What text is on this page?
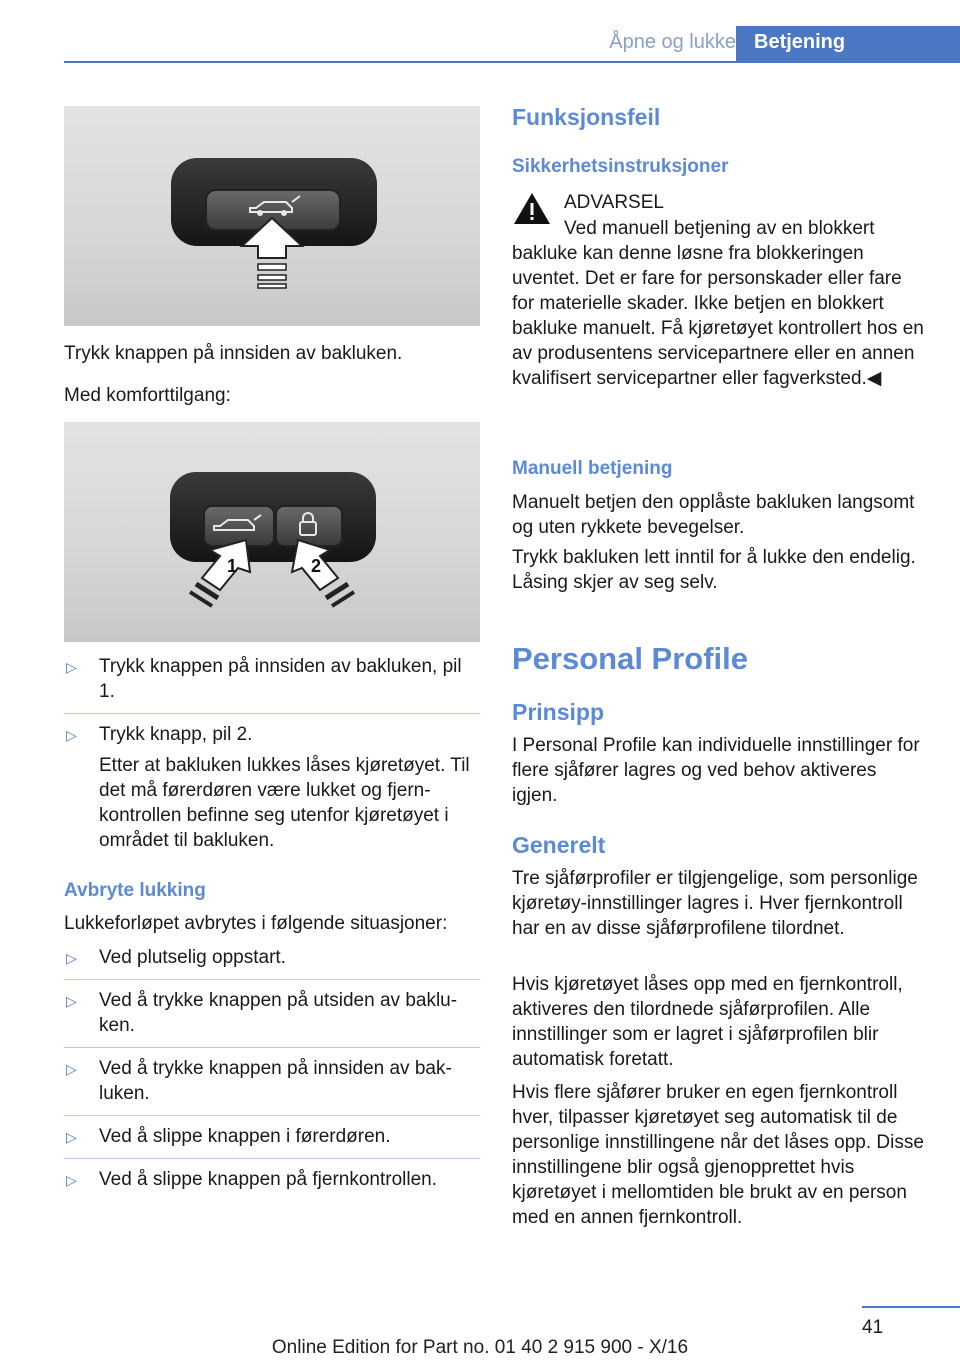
Åpne og lukke Betjening

Trykk knappen på innsiden av bakluken.

Med komforttilgang:

1	2
▷ Trykk knappen på innsiden av bakluken, pil 1.
▷ Trykk knapp, pil 2.
Etter at bakluken lukkes låses kjøretøyet. Til det må førerdøren være lukket og fjernkontrollen befinne seg utenfor kjøretøyet i området til bakluken.
Avbryte lukking

Lukkeforløpet avbrytes i følgende situasjoner:

▷ Ved plutselig oppstart.
▷ Ved å trykke knappen på utsiden av bakluken.
▷ Ved å trykke knappen på innsiden av bakluken.
▷ Ved å slippe knappen i førerdøren.
▷ Ved å slippe knappen på fjernkontrollen.
Funksjonsfeil
Sikkerhetsinstruksjoner
ADVARSEL
Ved manuell betjening av en blokkert

bakluke kan denne løsne fra blokkeringen uventet. Det er fare for personskader eller fare for materielle skader. Ikke betjen en blokkert bakluke manuelt. Få kjøretøyet kontrollert hos en av produsentens servicepartnere eller en annen kvalifisert servicepartner eller fagverksted.◀

Manuell betjening

Manuelt betjen den opplåste bakluken langsomt og uten rykkete bevegelser.

Trykk bakluken lett inntil for å lukke den endelig. Låsing skjer av seg selv.

Personal Profile
Prinsipp

I Personal Profile kan individuelle innstillinger for flere sjåfører lagres og ved behov aktiveres igjen.

Generelt

Tre sjåførprofiler er tilgjengelige, som personlige kjøretøy-innstillinger lagres i. Hver fjernkontroll har en av disse sjåførprofilene tilordnet.

Hvis kjøretøyet låses opp med en fjernkontroll, aktiveres den tilordnede sjåførprofilen. Alle innstillinger som er lagret i sjåførprofilen blir automatisk foretatt.

Hvis flere sjåfører bruker en egen fjernkontroll hver, tilpasser kjøretøyet seg automatisk til de personlige innstillingene når det låses opp. Disse innstillingene blir også gjenopprettet hvis kjøretøyet i mellomtiden ble brukt av en person med en annen fjernkontroll.

41
Online Edition for Part no. 01 40 2 915 900 - X/16
